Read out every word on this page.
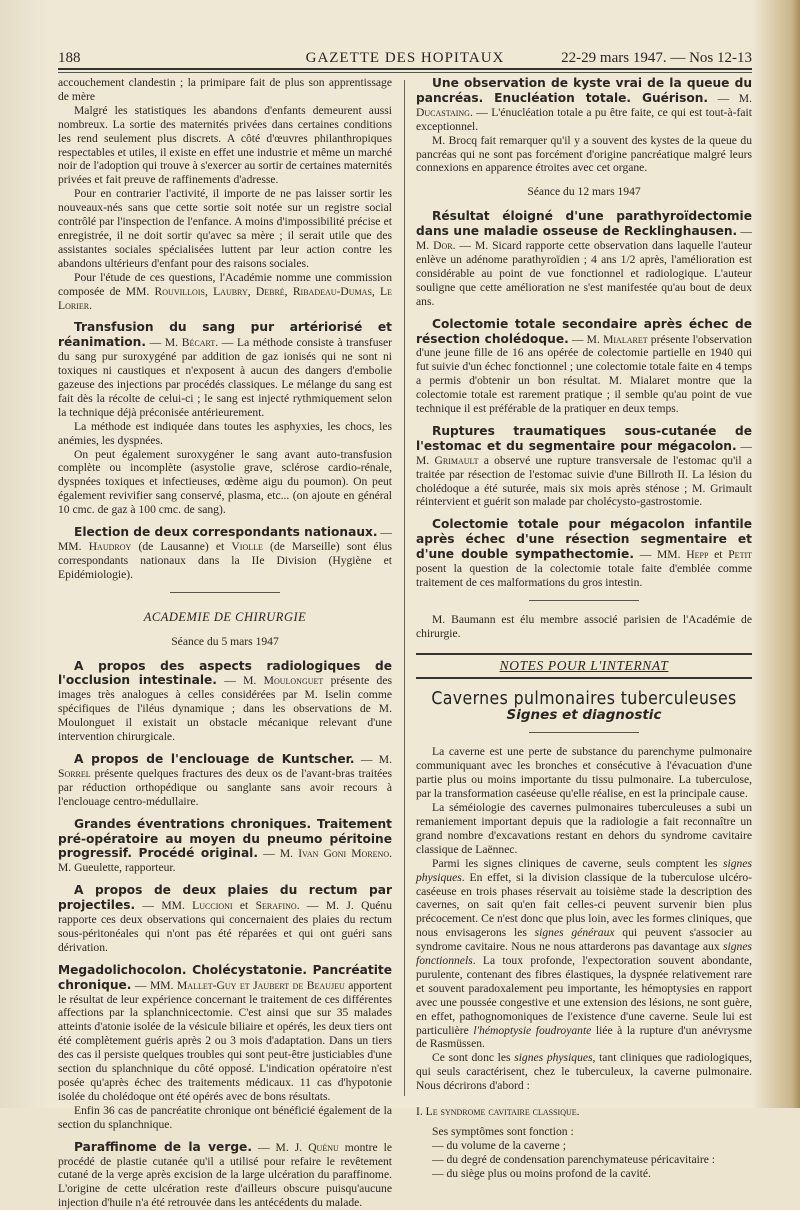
188	GAZETTE DES HOPITAUX	22-29 mars 1947. — Nos 12-13

accouchement clandestin ; la primipare fait de plus son apprentissage de mère

Malgré les statistiques les abandons d'enfants demeurent aussi nombreux. La sortie des maternités privées dans certaines conditions les rend seulement plus discrets. A côté d'œuvres philanthropiques respectables et utiles, il existe en effet une industrie et même un marché noir de l'adoption qui trouve à s'exercer au sortir de certaines maternités privées et fait preuve de raffinements d'adresse.

Pour en contrarier l'activité, il importe de ne pas laisser sortir les nouveaux-nés sans que cette sortie soit notée sur un registre social contrôlé par l'inspection de l'enfance. A moins d'impossibilité précise et enregistrée, il ne doit sortir qu'avec sa mère ; il serait utile que des assistantes sociales spécialisées luttent par leur action contre les abandons ultérieurs d'enfant pour des raisons sociales.

Pour l'étude de ces questions, l'Académie nomme une commission composée de MM. Rouvillois, Laubry, Debré, Ribadeau-Dumas, Le Lorier.

Transfusion du sang pur artériorisé et réanimation. — M. Bécart. — La méthode consiste à transfuser du sang pur suroxygéné par addition de gaz ionisés qui ne sont ni toxiques ni caustiques et n'exposent à aucun des dangers d'embolie gazeuse des injections par procédés classiques. Le mélange du sang est fait dès la récolte de celui-ci ; le sang est injecté rythmiquement selon la technique déjà préconisée antérieurement.

La méthode est indiquée dans toutes les asphyxies, les chocs, les anémies, les dyspnées.

On peut également suroxygéner le sang avant auto-transfusion complète ou incomplète (asystolie grave, sclérose cardio-rénale, dyspnées toxiques et infectieuses, œdème aigu du poumon). On peut également revivifier sang conservé, plasma, etc... (on ajoute en général 10 cmc. de gaz à 100 cmc. de sang).

Election de deux correspondants nationaux. — MM. Haudroy (de Lausanne) et Violle (de Marseille) sont élus correspondants nationaux dans la IIe Division (Hygiène et Epidémiologie).

ACADEMIE DE CHIRURGIE

Séance du 5 mars 1947

A propos des aspects radiologiques de l'occlusion intestinale. — M. Moulonguet présente des images très analogues à celles considérées par M. Iselin comme spécifiques de l'iléus dynamique ; dans les observations de M. Moulonguet il existait un obstacle mécanique relevant d'une intervention chirurgicale.

A propos de l'enclouage de Kuntscher. — M. Sorrel présente quelques fractures des deux os de l'avant-bras traitées par réduction orthopédique ou sanglante sans avoir recours à l'enclouage centro-médullaire.

Grandes éventrations chroniques. Traitement pré-opératoire au moyen du pneumo péritoine progressif. Procédé original. — M. Ivan Goni Moreno. M. Gueulette, rapporteur.

A propos de deux plaies du rectum par projectiles. — MM. Luccioni et Serafino. — M. J. Quénu rapporte ces deux observations qui concernaient des plaies du rectum sous-péritonéales qui n'ont pas été réparées et qui ont guéri sans dérivation.

Megadolichocolon. Cholécystatonie. Pancréatite chronique. — MM. Mallet-Guy et Jaubert de Beaujeu apportent le résultat de leur expérience concernant le traitement de ces différentes affections par la splanchnicectomie. C'est ainsi que sur 35 malades atteints d'atonie isolée de la vésicule biliaire et opérés, les deux tiers ont été complètement guéris après 2 ou 3 mois d'adaptation. Dans un tiers des cas il persiste quelques troubles qui sont peut-être justiciables d'une section du splanchnique du côté opposé. L'indication opératoire n'est posée qu'après échec des traitements médicaux. 11 cas d'hypotonie isolée du cholédoque ont été opérés avec de bons résultats.

Enfin 36 cas de pancréatite chronique ont bénéficié également de la section du splanchnique.

Paraffinome de la verge. — M. J. Quénu montre le procédé de plastie cutanée qu'il a utilisé pour refaire le revêtement cutané de la verge après excision de la large ulcération du paraffinome. L'origine de cette ulcération reste d'ailleurs obscure puisqu'aucune injection d'huile n'a été retrouvée dans les antécédents du malade.

Une observation de kyste vrai de la queue du pancréas. Enucléation totale. Guérison. — M. Ducastaing. — L'énucléation totale a pu être faite, ce qui est tout-à-fait exceptionnel.

M. Brocq fait remarquer qu'il y a souvent des kystes de la queue du pancréas qui ne sont pas forcément d'origine pancréatique malgré leurs connexions en apparence étroites avec cet organe.

Séance du 12 mars 1947

Résultat éloigné d'une parathyroïdectomie dans une maladie osseuse de Recklinghausen. — M. Dor. — M. Sicard rapporte cette observation dans laquelle l'auteur enlève un adénome parathyroïdien ; 4 ans 1/2 après, l'amélioration est considérable au point de vue fonctionnel et radiologique. L'auteur souligne que cette amélioration ne s'est manifestée qu'au bout de deux ans.

Colectomie totale secondaire après échec de résection cholédoque. — M. Mialaret présente l'observation d'une jeune fille de 16 ans opérée de colectomie partielle en 1940 qui fut suivie d'un échec fonctionnel ; une colectomie totale faite en 4 temps a permis d'obtenir un bon résultat. M. Mialaret montre que la colectomie totale est rarement pratique ; il semble qu'au point de vue technique il est préférable de la pratiquer en deux temps.

Ruptures traumatiques sous-cutanée de l'estomac et du segmentaire pour mégacolon. — M. Grimault a observé une rupture transversale de l'estomac qu'il a traitée par résection de l'estomac suivie d'une Billroth II. La lésion du cholédoque a été suturée, mais six mois après sténose ; M. Grimault réintervient et guérit son malade par cholécysto-gastrostomie.

Colectomie totale pour mégacolon infantile après échec d'une résection segmentaire et d'une double sympathectomie. — MM. Hepp et Petit posent la question de la colectomie totale faite d'emblée comme traitement de ces malformations du gros intestin.

M. Baumann est élu membre associé parisien de l'Académie de chirurgie.

NOTES POUR L'INTERNAT

Cavernes pulmonaires tuberculeuses

Signes et diagnostic

La caverne est une perte de substance du parenchyme pulmonaire communiquant avec les bronches et consécutive à l'évacuation d'une partie plus ou moins importante du tissu pulmonaire. La tuberculose, par la transformation caséeuse qu'elle réalise, en est la principale cause.

La séméiologie des cavernes pulmonaires tuberculeuses a subi un remaniement important depuis que la radiologie a fait reconnaître un grand nombre d'excavations restant en dehors du syndrome cavitaire classique de Laënnec.

Parmi les signes cliniques de caverne, seuls comptent les signes physiques. En effet, si la division classique de la tuberculose ulcéro-caséeuse en trois phases réservait au toisième stade la description des cavernes, on sait qu'en fait celles-ci peuvent survenir bien plus précocement. Ce n'est donc que plus loin, avec les formes cliniques, que nous envisagerons les signes généraux qui peuvent s'associer au syndrome cavitaire. Nous ne nous attarderons pas davantage aux signes fonctionnels. La toux profonde, l'expectoration souvent abondante, purulente, contenant des fibres élastiques, la dyspnée relativement rare et souvent paradoxalement peu importante, les hémoptysies en rapport avec une poussée congestive et une extension des lésions, ne sont guère, en effet, pathognomoniques de l'existence d'une caverne. Seule lui est particulière l'hémoptysie foudroyante liée à la rupture d'un anévrysme de Rasmüssen.

Ce sont donc les signes physiques, tant cliniques que radiologiques, qui seuls caractérisent, chez le tuberculeux, la caverne pulmonaire. Nous décrirons d'abord :

I. Le syndrome cavitaire classique.

Ses symptômes sont fonction :

— du volume de la caverne ;

— du degré de condensation parenchymateuse péricavitaire :

— du siège plus ou moins profond de la cavité.
